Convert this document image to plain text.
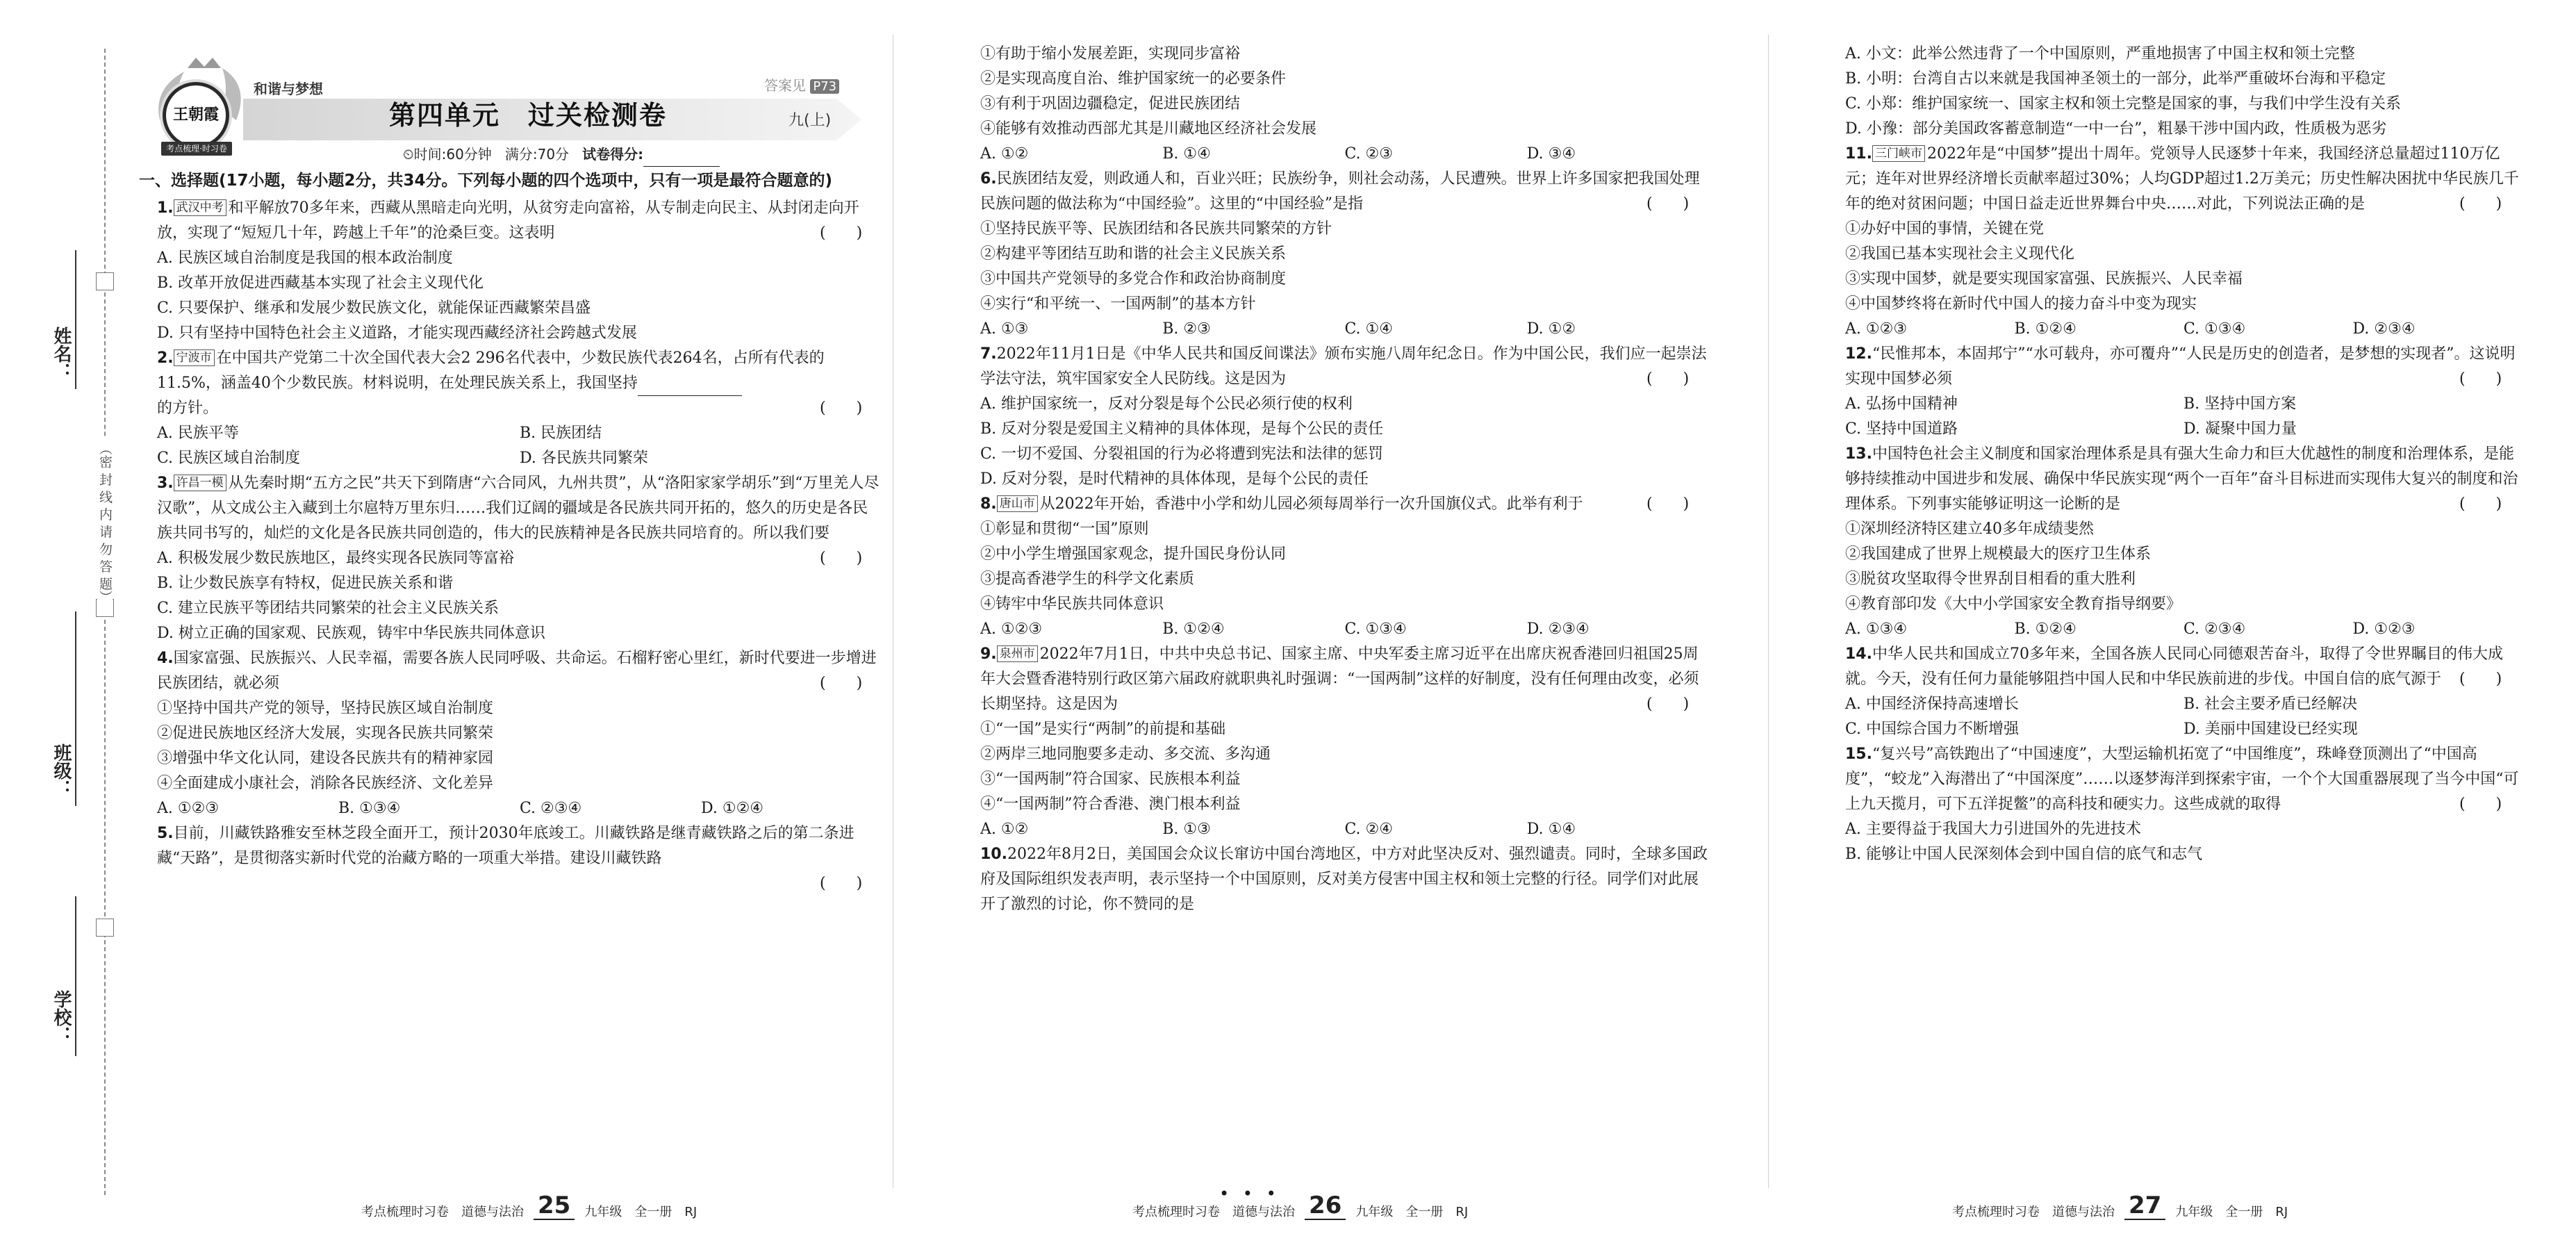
（密 封 线 内 请 勿 答 题）
姓名：
班级：
学校：
王朝霞
考点梳理·时习卷
和谐与梦想	答案见 P73
第四单元　过关检测卷	九(上)
⏲时间:60分钟 满分:70分 试卷得分:
一、选择题(17小题，每小题2分，共34分。下列每小题的四个选项中，只有一项是最符合题意的)

1. 武汉中考 和平解放70多年来，西藏从黑暗走向光明，从贫穷走向富裕，从专制走向民主、从封闭走向开放，实现了“短短几十年，跨越上千年”的沧桑巨变。这表明	(　　)

A. 民族区域自治制度是我国的根本政治制度

B. 改革开放促进西藏基本实现了社会主义现代化

C. 只要保护、继承和发展少数民族文化，就能保证西藏繁荣昌盛

D. 只有坚持中国特色社会主义道路，才能实现西藏经济社会跨越式发展

2. 宁波市 在中国共产党第二十次全国代表大会2 296名代表中，少数民族代表264名，占所有代表的11.5%，涵盖40个少数民族。材料说明，在处理民族关系上，我国坚持

的方针。	(　　)

A. 民族平等	B. 民族团结

C. 民族区域自治制度	D. 各民族共同繁荣

3. 许昌一模 从先秦时期“五方之民”共天下到隋唐“六合同风，九州共贯”，从“洛阳家家学胡乐”到“万里羌人尽汉歌”，从文成公主入藏到土尔扈特万里东归……我们辽阔的疆域是各民族共同开拓的，悠久的历史是各民族共同书写的，灿烂的文化是各民族共同创造的，伟大的民族精神是各民族共同培育的。所以我们要
(　　)

A. 积极发展少数民族地区，最终实现各民族同等富裕

B. 让少数民族享有特权，促进民族关系和谐

C. 建立民族平等团结共同繁荣的社会主义民族关系

D. 树立正确的国家观、民族观，铸牢中华民族共同体意识

4.国家富强、民族振兴、人民幸福，需要各族人民同呼吸、共命运。石榴籽密心里红，新时代要进一步增进民族团结，就必须	(　　)

①坚持中国共产党的领导，坚持民族区域自治制度

②促进民族地区经济大发展，实现各民族共同繁荣

③增强中华文化认同，建设各民族共有的精神家园

④全面建成小康社会，消除各民族经济、文化差异

A. ①②③	B. ①③④	C. ②③④	D. ①②④

5.目前，川藏铁路雅安至林芝段全面开工，预计2030年底竣工。川藏铁路是继青藏铁路之后的第二条进藏“天路”，是贯彻落实新时代党的治藏方略的一项重大举措。建设川藏铁路

(　　)

①有助于缩小发展差距，实现同步富裕

②是实现高度自治、维护国家统一的必要条件

③有利于巩固边疆稳定，促进民族团结

④能够有效推动西部尤其是川藏地区经济社会发展

A. ①②	B. ①④	C. ②③	D. ③④

6.民族团结友爱，则政通人和，百业兴旺；民族纷争，则社会动荡，人民遭殃。世界上许多国家把我国处理民族问题的做法称为“中国经验”。这里的“中国经验”是指	(　　)

①坚持民族平等、民族团结和各民族共同繁荣的方针

②构建平等团结互助和谐的社会主义民族关系

③中国共产党领导的多党合作和政治协商制度

④实行“和平统一、一国两制”的基本方针

A. ①③	B. ②③	C. ①④	D. ①②

7.2022年11月1日是《中华人民共和国反间谍法》颁布实施八周年纪念日。作为中国公民，我们应一起崇法学法守法，筑牢国家安全人民防线。这是因为	(　　)

A. 维护国家统一，反对分裂是每个公民必须行使的权利

B. 反对分裂是爱国主义精神的具体体现，是每个公民的责任

C. 一切不爱国、分裂祖国的行为必将遭到宪法和法律的惩罚

D. 反对分裂，是时代精神的具体体现，是每个公民的责任

8. 唐山市 从2022年开始，香港中小学和幼儿园必须每周举行一次升国旗仪式。此举有利于	(　　)

①彰显和贯彻“一国”原则

②中小学生增强国家观念，提升国民身份认同

③提高香港学生的科学文化素质

④铸牢中华民族共同体意识

A. ①②③	B. ①②④	C. ①③④	D. ②③④

9. 泉州市 2022年7月1日，中共中央总书记、国家主席、中央军委主席习近平在出席庆祝香港回归祖国25周年大会暨香港特别行政区第六届政府就职典礼时强调：“一国两制”这样的好制度，没有任何理由改变，必须长期坚持。这是因为	(　　)

①“一国”是实行“两制”的前提和基础

②两岸三地同胞要多走动、多交流、多沟通

③“一国两制”符合国家、民族根本利益

④“一国两制”符合香港、澳门根本利益

A. ①②	B. ①③	C. ②④	D. ①④

10.2022年8月2日，美国国会众议长窜访中国台湾地区，中方对此坚决反对、强烈谴责。同时，全球多国政府及国际组织发表声明，表示坚持一个中国原则，反对美方侵害中国主权和领土完整的行径。同学们对此展开了激烈的讨论，你不赞同的是

A. 小文：此举公然违背了一个中国原则，严重地损害了中国主权和领土完整

B. 小明：台湾自古以来就是我国神圣领土的一部分，此举严重破坏台海和平稳定

C. 小郑：维护国家统一、国家主权和领土完整是国家的事，与我们中学生没有关系

D. 小豫：部分美国政客蓄意制造“一中一台”，粗暴干涉中国内政，性质极为恶劣

11. 三门峡市 2022年是“中国梦”提出十周年。党领导人民逐梦十年来，我国经济总量超过110万亿元；连年对世界经济增长贡献率超过30%；人均GDP超过1.2万美元；历史性解决困扰中华民族几千年的绝对贫困问题；中国日益走近世界舞台中央……对此，下列说法正确的是	(　　)

①办好中国的事情，关键在党

②我国已基本实现社会主义现代化

③实现中国梦，就是要实现国家富强、民族振兴、人民幸福

④中国梦终将在新时代中国人的接力奋斗中变为现实

A. ①②③	B. ①②④	C. ①③④	D. ②③④

12.“民惟邦本，本固邦宁”“水可载舟，亦可覆舟”“人民是历史的创造者，是梦想的实现者”。这说明实现中国梦必须	(　　)

A. 弘扬中国精神	B. 坚持中国方案

C. 坚持中国道路	D. 凝聚中国力量

13.中国特色社会主义制度和国家治理体系是具有强大生命力和巨大优越性的制度和治理体系，是能够持续推动中国进步和发展、确保中华民族实现“两个一百年”奋斗目标进而实现伟大复兴的制度和治理体系。下列事实能够证明这一论断的是	(　　)

①深圳经济特区建立40多年成绩斐然

②我国建成了世界上规模最大的医疗卫生体系

③脱贫攻坚取得令世界刮目相看的重大胜利

④教育部印发《大中小学国家安全教育指导纲要》

A. ①③④	B. ①②④	C. ②③④	D. ①②③

14.中华人民共和国成立70多年来，全国各族人民同心同德艰苦奋斗，取得了令世界瞩目的伟大成就。今天，没有任何力量能够阻挡中国人民和中华民族前进的步伐。中国自信的底气源于 (　　)

A. 中国经济保持高速增长	B. 社会主要矛盾已经解决

C. 中国综合国力不断增强	D. 美丽中国建设已经实现

15.“复兴号”高铁跑出了“中国速度”，大型运输机拓宽了“中国维度”，珠峰登顶测出了“中国高度”，“蛟龙”入海潜出了“中国深度”……以逐梦海洋到探索宇宙，一个个大国重器展现了当今中国“可上九天揽月，可下五洋捉鳖”的高科技和硬实力。这些成就的取得	(　　)

A. 主要得益于我国大力引进国外的先进技术

B. 能够让中国人民深刻体会到中国自信的底气和志气

考点梳理时习卷　道德与法治 25	九年级　全一册　RJ
• • •
考点梳理时习卷　道德与法治 26	九年级　全一册　RJ	考点梳理时习卷　道德与法治 27	九年级　全一册　RJ
